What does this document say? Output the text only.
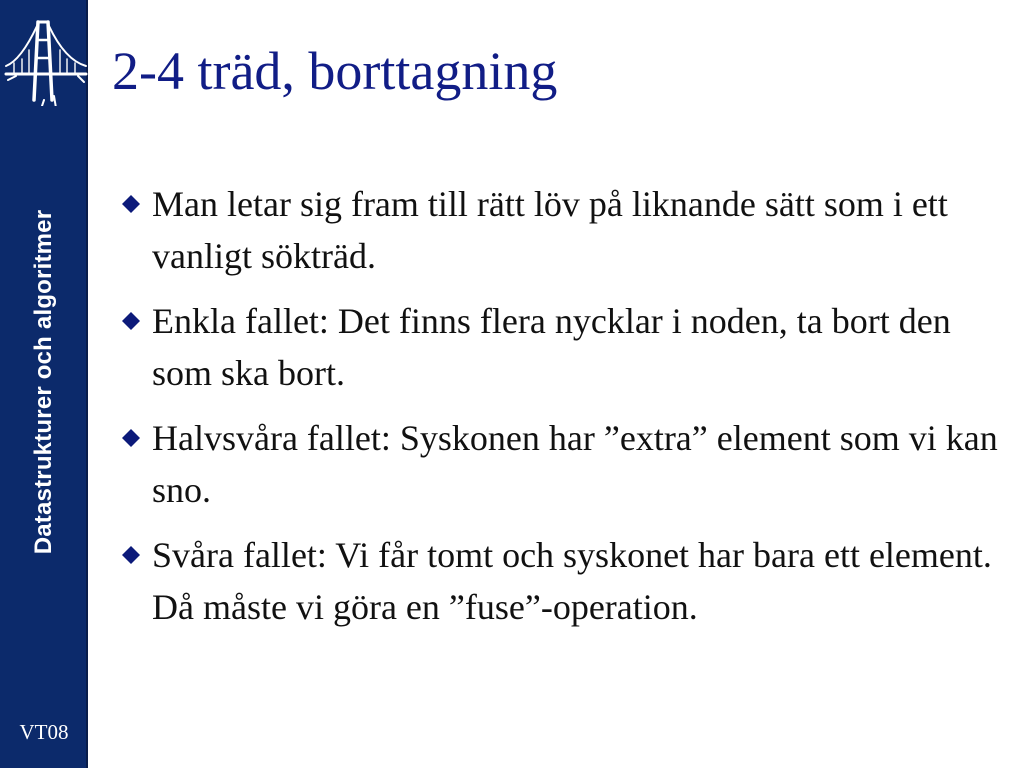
Datastrukturer och algoritmer
VT08
2-4 träd, borttagning
Man letar sig fram till rätt löv på liknande sätt som i ett vanligt sökträd.
Enkla fallet: Det finns flera nycklar i noden, ta bort den som ska bort.
Halvsvåra fallet: Syskonen har ”extra” element som vi kan sno.
Svåra fallet: Vi får tomt och syskonet har bara ett element. Då måste vi göra en ”fuse”-operation.
